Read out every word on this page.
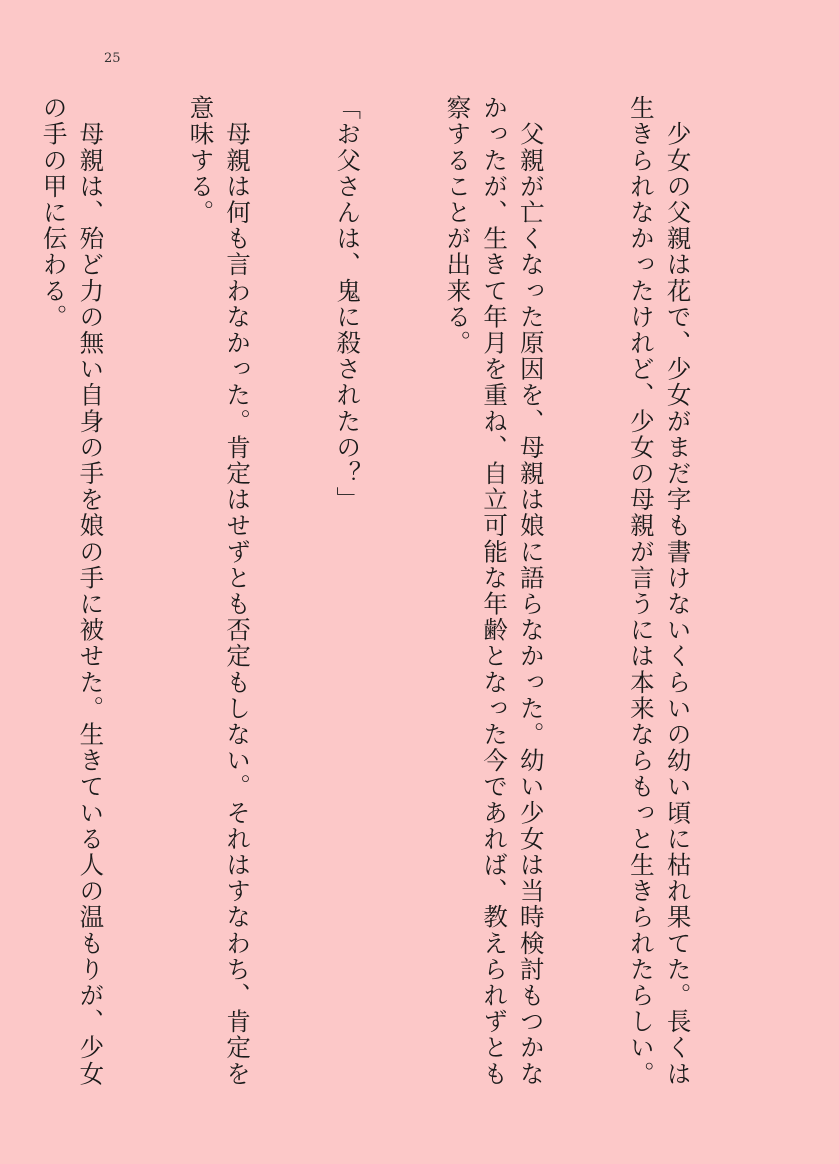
25

　少女の父親は花で、少女がまだ字も書けないくらいの幼い頃に枯れ果てた。長くは生きられなかったけれど、少女の母親が言うには本来ならもっと生きられたらしい。

　父親が亡くなった原因を、母親は娘に語らなかった。幼い少女は当時検討もつかなかったが、生きて年月を重ね、自立可能な年齢となった今であれば、教えられずとも察することが出来る。

「お父さんは、鬼に殺されたの？」

　母親は何も言わなかった。肯定はせずとも否定もしない。それはすなわち、肯定を意味する。

　母親は、殆ど力の無い自身の手を娘の手に被せた。生きている人の温もりが、少女の手の甲に伝わる。
